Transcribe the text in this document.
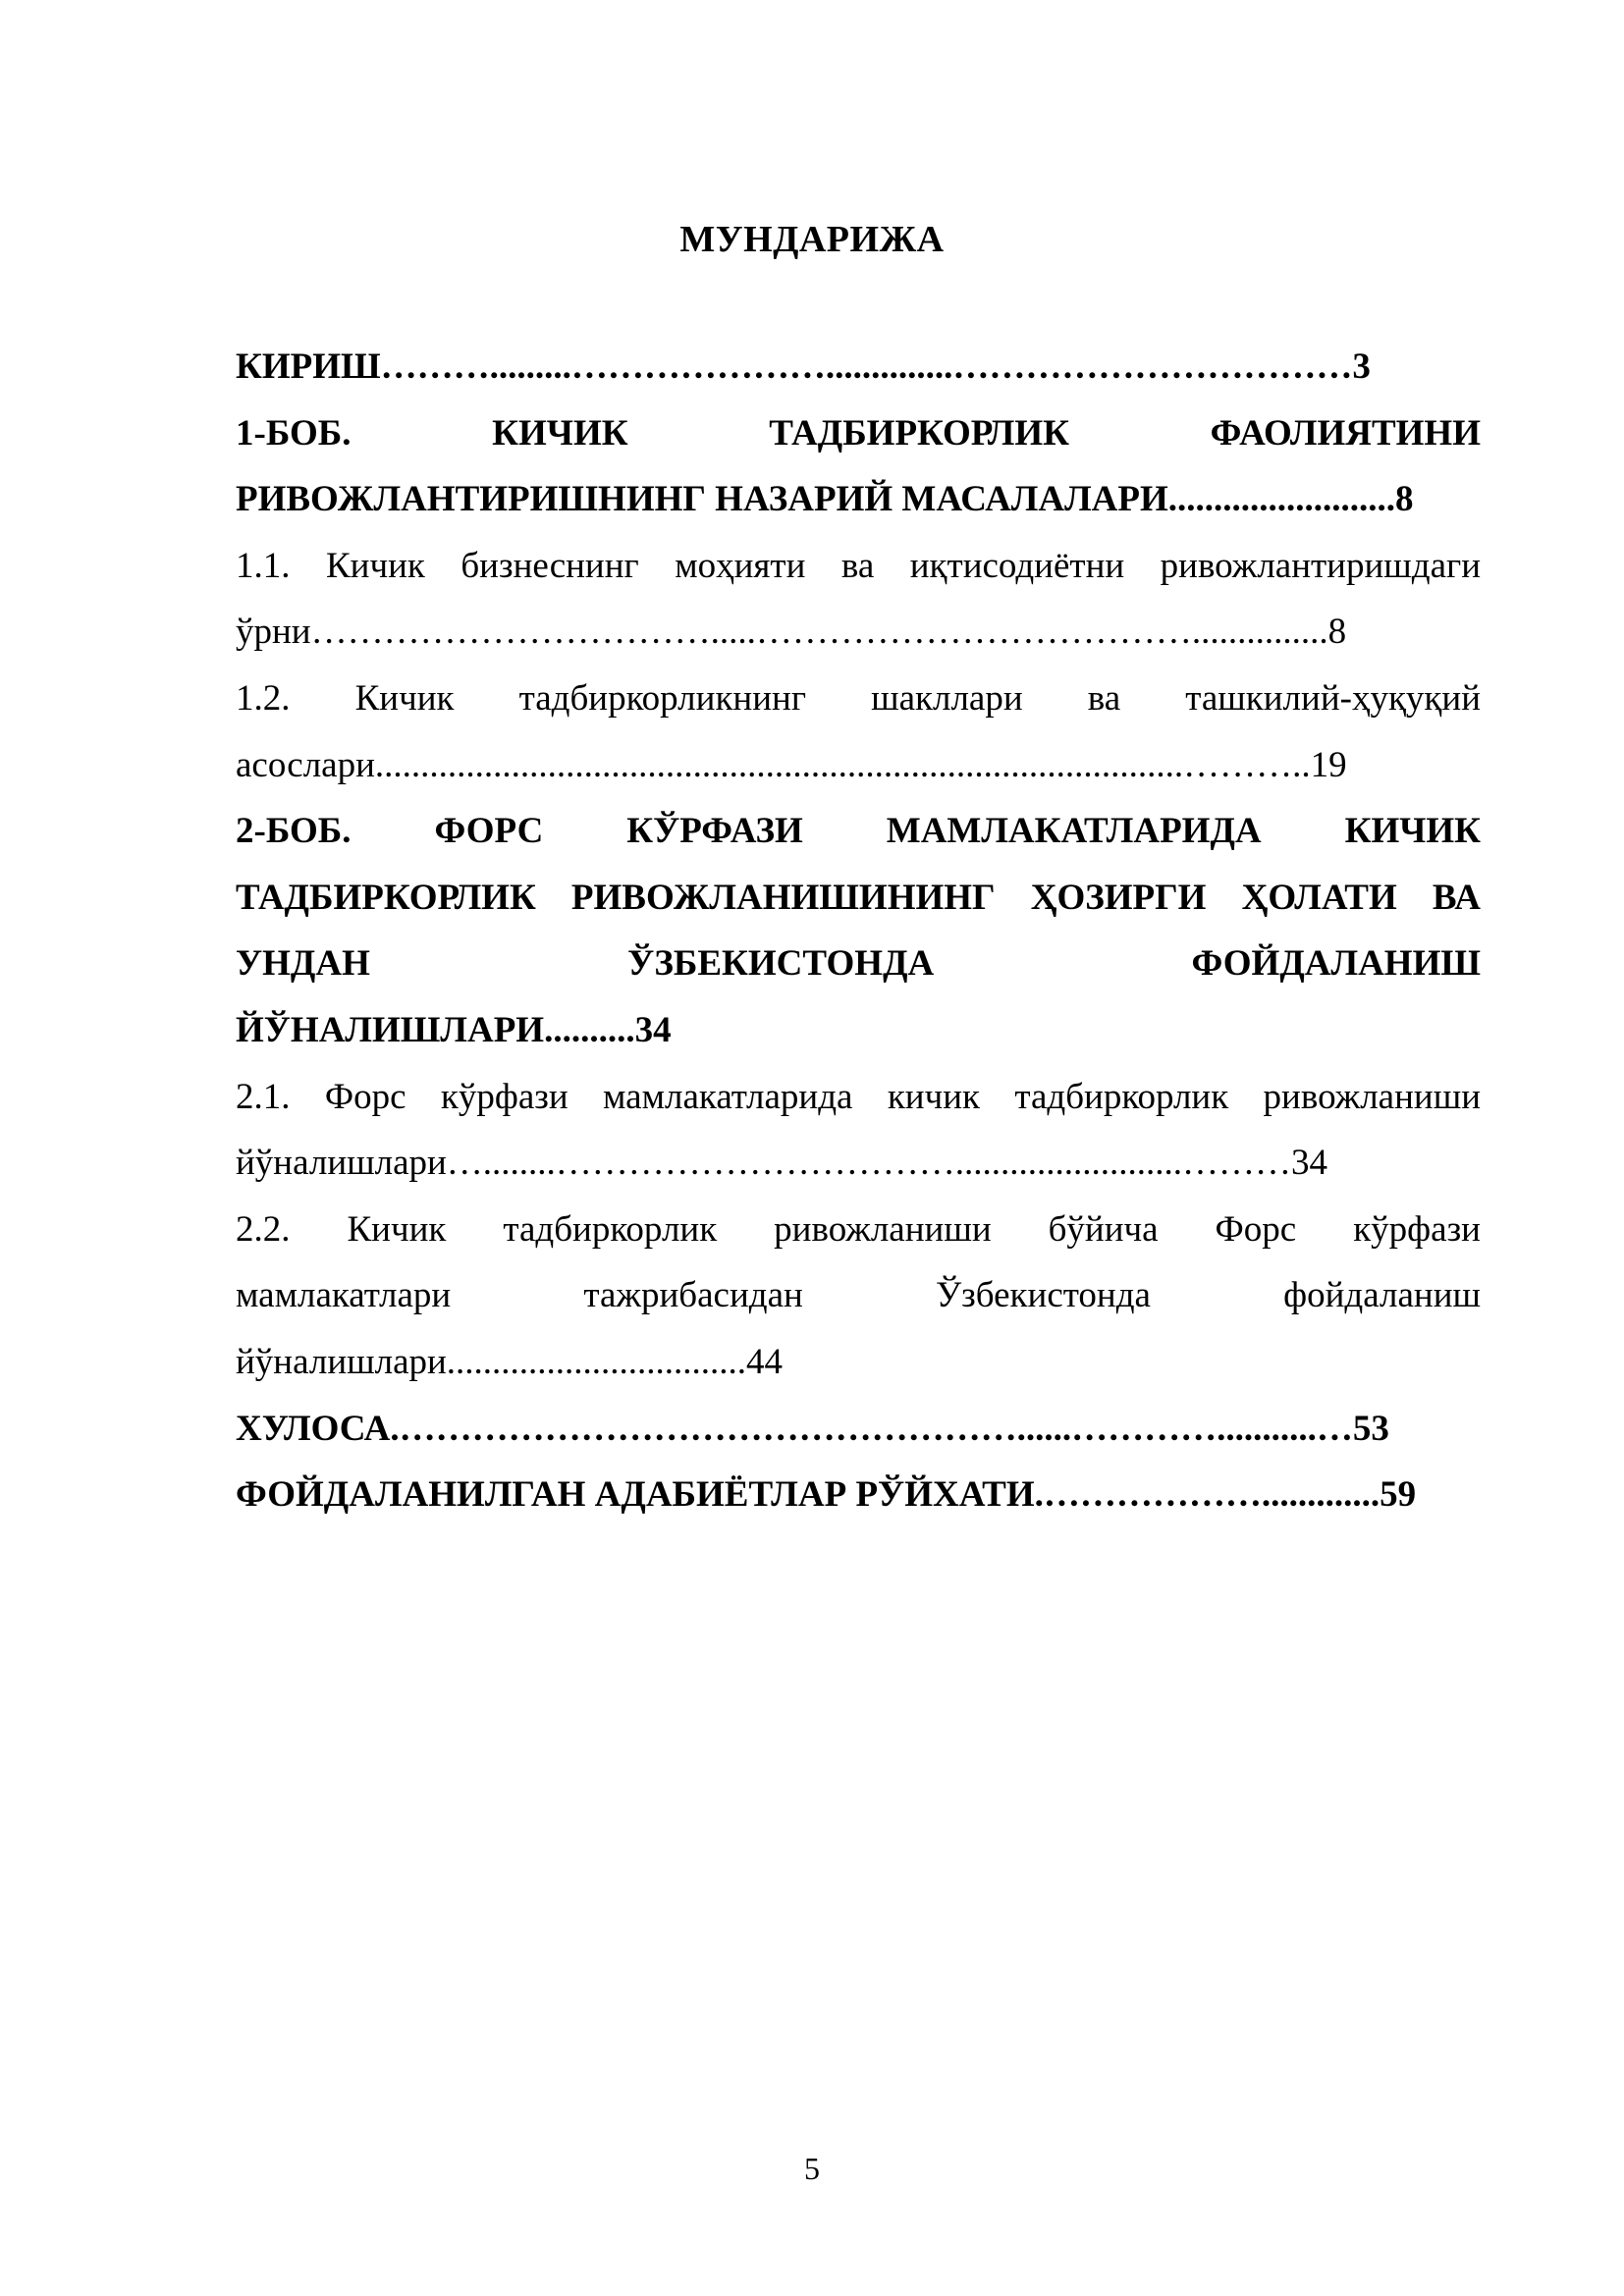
МУНДАРИЖА
КИРИШ……….........…………………..............……………………………3
1-БОБ. КИЧИК ТАДБИРКОРЛИК ФАОЛИЯТИНИ
РИВОЖЛАНТИРИШНИНГ НАЗАРИЙ МАСАЛАЛАРИ.........................8
1.1. Кичик бизнеснинг моҳияти ва иқтисодиётни ривожлантиришдаги
ўрни…………………………….....………………………………...............8
1.2. Кичик тадбиркорликнинг шакллари ва ташкилий-ҳуқуқий
асослари.........................................................................................………..19
2-БОБ. ФОРС КЎРФАЗИ МАМЛАКАТЛАРИДА КИЧИК
ТАДБИРКОРЛИК РИВОЖЛАНИШИНИНГ ҲОЗИРГИ ҲОЛАТИ ВА
УНДАН ЎЗБЕКИСТОНДА ФОЙДАЛАНИШ
ЙЎНАЛИШЛАРИ..........34
2.1. Форс кўрфази мамлакатларида кичик тадбиркорлик ривожланиши
йўналишлари…........…………………………….........................………34
2.2. Кичик тадбиркорлик ривожланиши бўйича Форс кўрфази
мамлакатлари тажрибасидан Ўзбекистонда фойдаланиш
йўналишлари.................................44
ХУЛОСА.……………………………………………......…………...........…53
ФОЙДАЛАНИЛГАН АДАБИЁТЛАР РЎЙХАТИ.……………….............59
5
